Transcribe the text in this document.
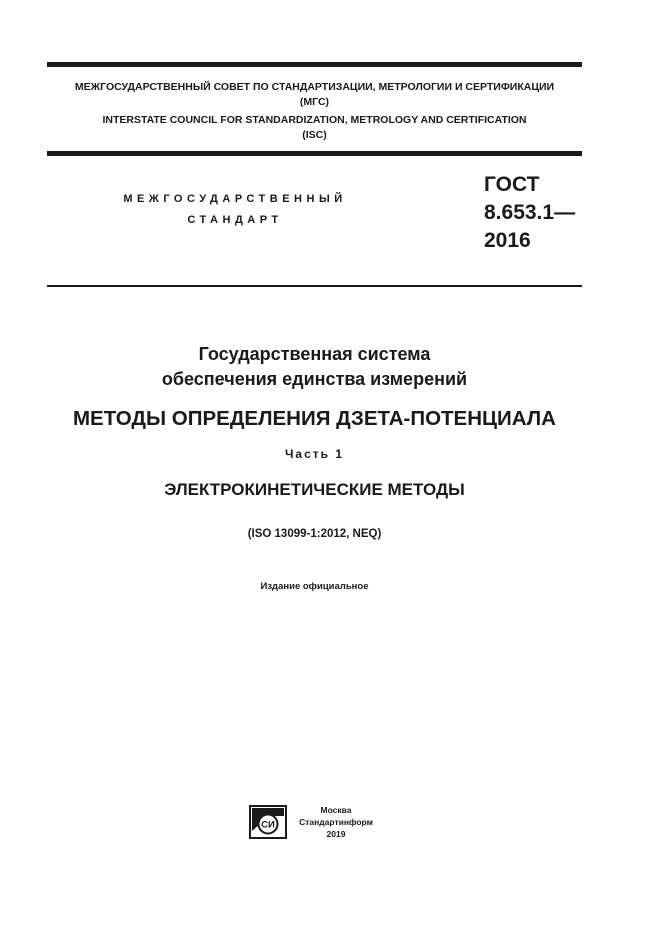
МЕЖГОСУДАРСТВЕННЫЙ СОВЕТ ПО СТАНДАРТИЗАЦИИ, МЕТРОЛОГИИ И СЕРТИФИКАЦИИ
(МГС)
INTERSTATE COUNCIL FOR STANDARDIZATION, METROLOGY AND CERTIFICATION
(ISC)
МЕЖГОСУДАРСТВЕННЫЙ
СТАНДАРТ
ГОСТ
8.653.1—
2016
Государственная система
обеспечения единства измерений
МЕТОДЫ ОПРЕДЕЛЕНИЯ ДЗЕТА-ПОТЕНЦИАЛА
Часть 1
ЭЛЕКТРОКИНЕТИЧЕСКИЕ МЕТОДЫ
(ISO 13099-1:2012, NEQ)
Издание официальное
СИ
Москва
Стандартинформ
2019
